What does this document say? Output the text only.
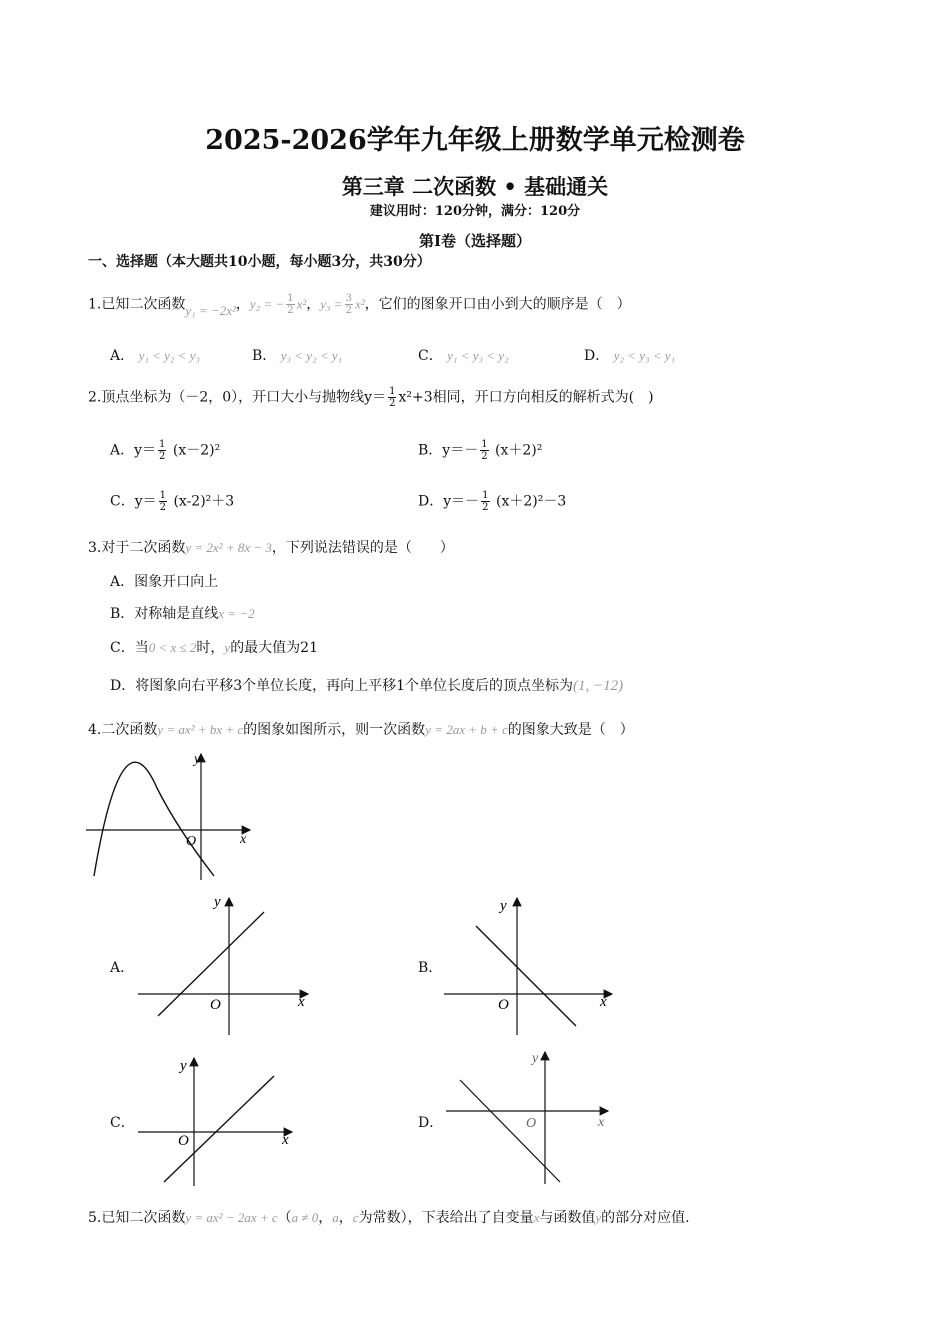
2025-2026学年九年级上册数学单元检测卷
第三章 二次函数 • 基础通关
建议用时：120分钟，满分：120分
第Ⅰ卷（选择题）
一、选择题（本大题共10小题，每小题3分，共30分）
1.已知二次函数y₁ = −2x²，y₂ = − $\frac{1}{2} x^2$，$y_3 = \frac{3}{2} x^2$，它们的图象开口由小到大的顺序是（　）
A． y₁ < y₂ < y₃	B． y₃ < y₂ < y₁	C． y₁ < y₃ < y₂	D． y₂ < y₃ < y₁
2.顶点坐标为（－2，0），开口大小与抛物线$y= \frac{1}{2} x^2+3$相同，开口方向相反的解析式为(　)
A．$y= \frac{1}{2} (x-2)^2$	B．$y=- \frac{1}{2} (x+2)^2$
C．$y= \frac{1}{2} (x-2)^2+3$	D．$y=- \frac{1}{2} (x+2)^2-3$
3.对于二次函数y = 2x² + 8x − 3，下列说法错误的是（　　）
A．图象开口向上
B．对称轴是直线x = −2
C．当0 < x ≤ 2时，y的最大值为21
D．将图象向右平移3个单位长度，再向上平移1个单位长度后的顶点坐标为(1, −12)
4.二次函数y = ax² + bx + c的图象如图所示，则一次函数y = 2ax + b + c的图象大致是（　）
y
x
O
A．
y
x
O
B．
y
x
O
C．
y
x
O
D．
y
x
O
5.已知二次函数y = ax² − 2ax + c（a ≠ 0，a，c为常数），下表给出了自变量x与函数值y的部分对应值.
